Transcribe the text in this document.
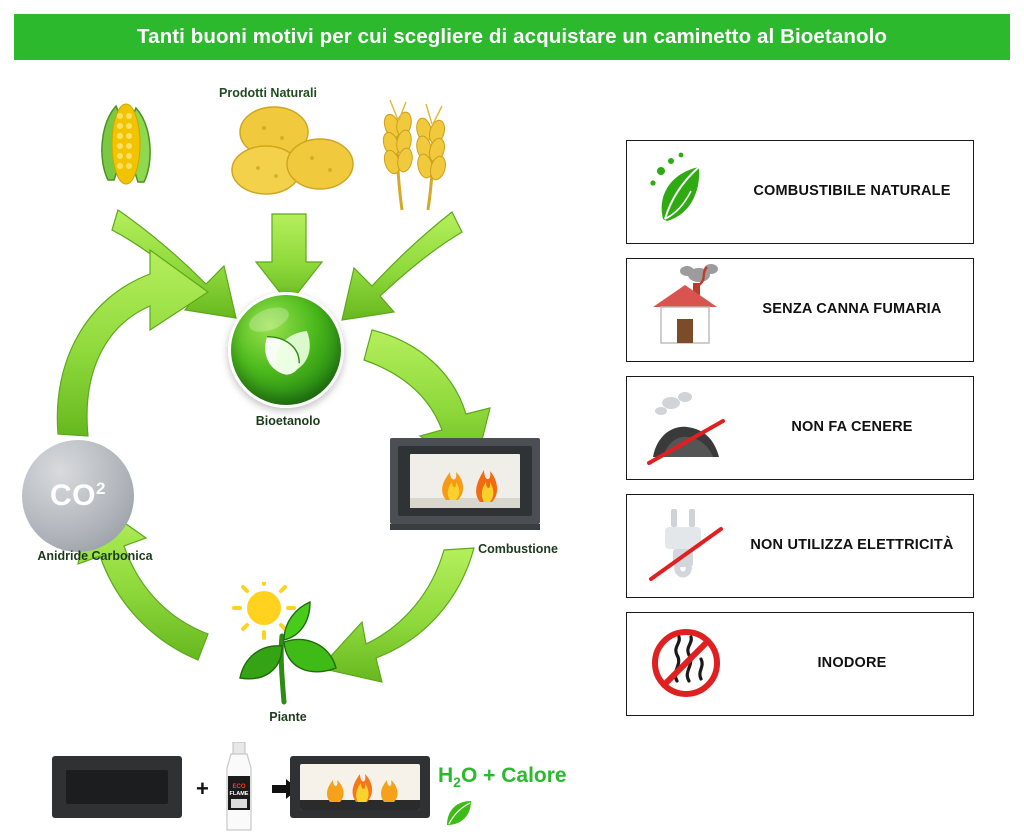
Tanti buoni motivi per cui scegliere di acquistare un caminetto al Bioetanolo
Prodotti Naturali
Bioetanolo
$CO^2$
Anidride Carbonica	Combustione
Piante
+	ECO
FLAME
$H_2O$ + Calore
COMBUSTIBILE NATURALE
SENZA CANNA FUMARIA
NON FA CENERE
NON UTILIZZA ELETTRICITÀ
INODORE
